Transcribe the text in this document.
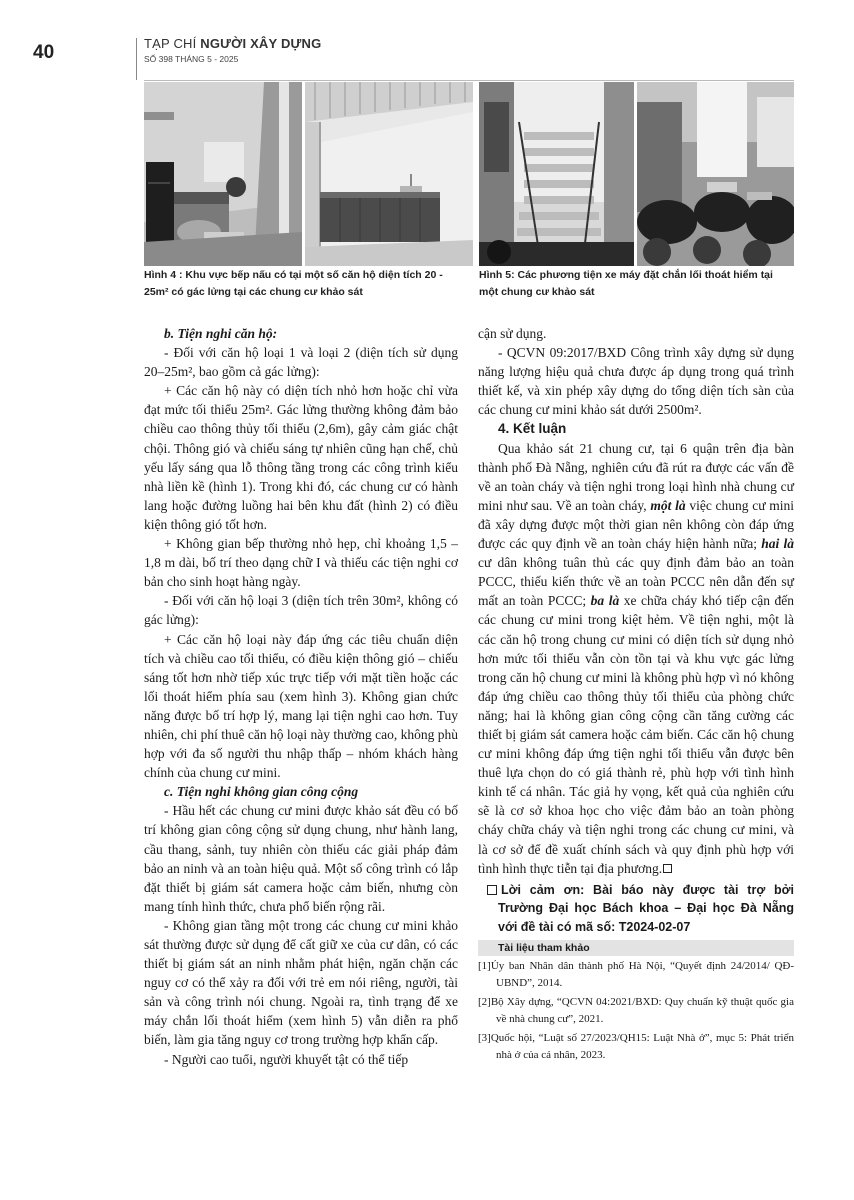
40	TẠP CHÍ NGƯỜI XÂY DỰNG
SỐ 398 THÁNG 5 - 2025
Hình 4 : Khu vực bếp nấu có tại một số căn hộ diện tích 20 - 25m² có gác lửng tại các chung cư khảo sát
Hình 5: Các phương tiện xe máy đặt chắn lối thoát hiểm tại một chung cư khảo sát

b. Tiện nghi căn hộ:

- Đối với căn hộ loại 1 và loại 2 (diện tích sử dụng 20–25m², bao gồm cả gác lửng):

+ Các căn hộ này có diện tích nhỏ hơn hoặc chỉ vừa đạt mức tối thiểu 25m². Gác lửng thường không đảm bảo chiều cao thông thủy tối thiểu (2,6m), gây cảm giác chật chội. Thông gió và chiếu sáng tự nhiên cũng hạn chế, chủ yếu lấy sáng qua lỗ thông tầng trong các công trình kiểu nhà liền kề (hình 1). Trong khi đó, các chung cư có hành lang hoặc đường luồng hai bên khu đất (hình 2) có điều kiện thông gió tốt hơn.

+ Không gian bếp thường nhỏ hẹp, chỉ khoảng 1,5 – 1,8 m dài, bố trí theo dạng chữ I và thiếu các tiện nghi cơ bản cho sinh hoạt hàng ngày.

- Đối với căn hộ loại 3 (diện tích trên 30m², không có gác lửng):

+ Các căn hộ loại này đáp ứng các tiêu chuẩn diện tích và chiều cao tối thiểu, có điều kiện thông gió – chiếu sáng tốt hơn nhờ tiếp xúc trực tiếp với mặt tiền hoặc các lối thoát hiểm phía sau (xem hình 3). Không gian chức năng được bố trí hợp lý, mang lại tiện nghi cao hơn. Tuy nhiên, chi phí thuê căn hộ loại này thường cao, không phù hợp với đa số người thu nhập thấp – nhóm khách hàng chính của chung cư mini.

c. Tiện nghi không gian công cộng

- Hầu hết các chung cư mini được khảo sát đều có bố trí không gian công cộng sử dụng chung, như hành lang, cầu thang, sảnh, tuy nhiên còn thiếu các giải pháp đảm bảo an ninh và an toàn hiệu quả. Một số công trình có lắp đặt thiết bị giám sát camera hoặc cảm biến, nhưng còn mang tính hình thức, chưa phổ biến rộng rãi.

- Không gian tầng một trong các chung cư mini khảo sát thường được sử dụng để cất giữ xe của cư dân, có các thiết bị giám sát an ninh nhằm phát hiện, ngăn chặn các nguy cơ có thể xảy ra đối với trẻ em nói riêng, người, tài sản và công trình nói chung. Ngoài ra, tình trạng để xe máy chắn lối thoát hiểm (xem hình 5) vẫn diễn ra phổ biến, làm gia tăng nguy cơ trong trường hợp khẩn cấp.

- Người cao tuổi, người khuyết tật có thể tiếp

cận sử dụng.

- QCVN 09:2017/BXD Công trình xây dựng sử dụng năng lượng hiệu quả chưa được áp dụng trong quá trình thiết kế, và xin phép xây dựng do tổng diện tích sàn của các chung cư mini khảo sát dưới 2500m².

4. Kết luận

Qua khảo sát 21 chung cư, tại 6 quận trên địa bàn thành phố Đà Nẵng, nghiên cứu đã rút ra được các vấn đề về an toàn cháy và tiện nghi trong loại hình nhà chung cư mini như sau. Về an toàn cháy, một là việc chung cư mini đã xây dựng được một thời gian nên không còn đáp ứng được các quy định về an toàn cháy hiện hành nữa; hai là cư dân không tuân thủ các quy định đảm bảo an toàn PCCC, thiếu kiến thức về an toàn PCCC nên dẫn đến sự mất an toàn PCCC; ba là xe chữa cháy khó tiếp cận đến các chung cư mini trong kiệt hẻm. Về tiện nghi, một là các căn hộ trong chung cư mini có diện tích sử dụng nhỏ hơn mức tối thiểu vẫn còn tồn tại và khu vực gác lửng trong căn hộ chung cư mini là không phù hợp vì nó không đáp ứng chiều cao thông thủy tối thiểu của phòng chức năng; hai là không gian công cộng cần tăng cường các thiết bị giám sát camera hoặc cảm biến. Các căn hộ chung cư mini không đáp ứng tiện nghi tối thiểu vẫn được bên thuê lựa chọn do có giá thành rẻ, phù hợp với tình hình kinh tế cá nhân. Tác giả hy vọng, kết quả của nghiên cứu sẽ là cơ sở khoa học cho việc đảm bảo an toàn phòng cháy chữa cháy và tiện nghi trong các chung cư mini, và là cơ sở để đề xuất chính sách và quy định phù hợp với tình hình thực tiễn tại địa phương.

Lời cảm ơn: Bài báo này được tài trợ bởi Trường Đại học Bách khoa – Đại học Đà Nẵng với đề tài có mã số: T2024-02-07

Tài liệu tham khảo

[1]Ủy ban Nhân dân thành phố Hà Nội, “Quyết định 24/2014/ QĐ-UBND”, 2014.

[2]Bộ Xây dựng, “QCVN 04:2021/BXD: Quy chuẩn kỹ thuật quốc gia về nhà chung cư”, 2021.

[3]Quốc hội, “Luật số 27/2023/QH15: Luật Nhà ở”, mục 5: Phát triển nhà ở của cá nhân, 2023.
